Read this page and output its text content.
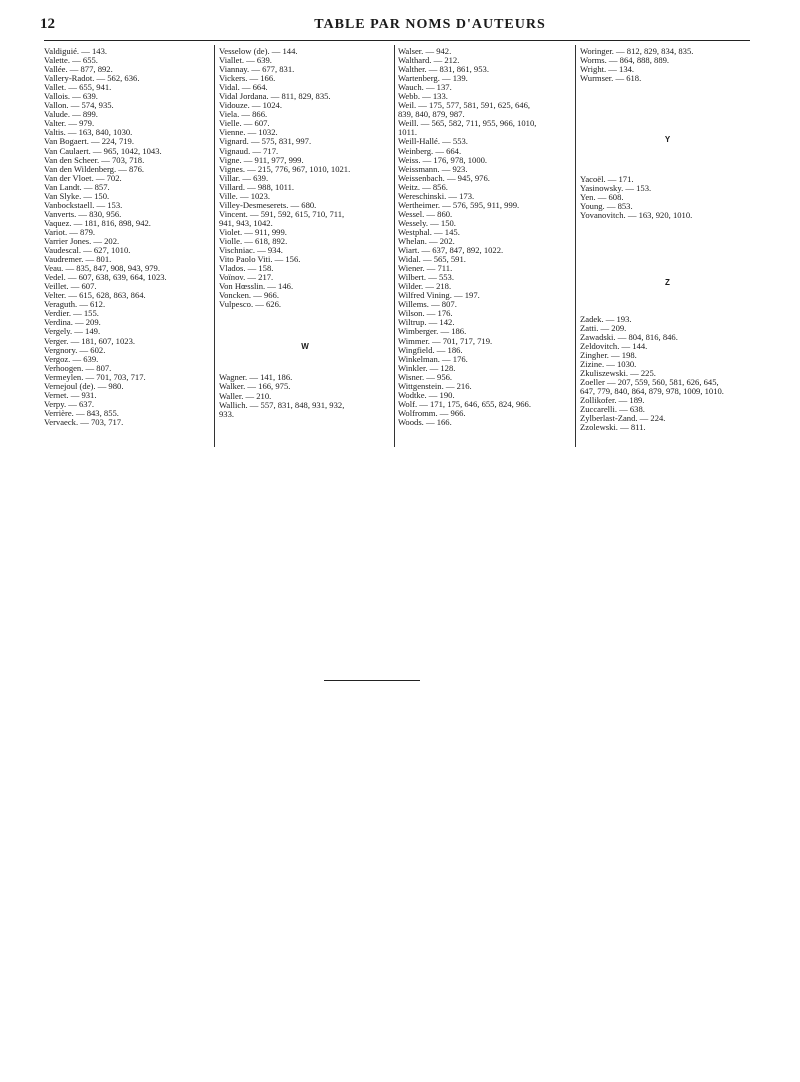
12	TABLE PAR NOMS D'AUTEURS
Valdiguié. — 143.
Valette. — 655.
Vallée. — 877, 892.
Vallery-Radot. — 562, 636.
Vallet. — 655, 941.
Vallois. — 639.
Vallon. — 574, 935.
Valude. — 899.
Valter. — 979.
Valtis. — 163, 840, 1030.
Van Bogaert. — 224, 719.
Van Caulaert. — 965, 1042, 1043.
Van den Scheer. — 703, 718.
Van den Wildenberg. — 876.
Van der Vloet. — 702.
Van Landt. — 857.
Van Slyke. — 150.
Vanbockstaell. — 153.
Vanverts. — 830, 956.
Vaquez. — 181, 816, 898, 942.
Variot. — 879.
Varrier Jones. — 202.
Vaudescal. — 627, 1010.
Vaudremer. — 801.
Veau. — 835, 847, 908, 943, 979.
Vedel. — 607, 638, 639, 664, 1023.
Veillet. — 607.
Velter. — 615, 628, 863, 864.
Veraguth. — 612.
Verdier. — 155.
Verdina. — 209.
Vergely. — 149.
Verger. — 181, 607, 1023.
Vergnory. — 602.
Vergoz. — 639.
Verhoogen. — 807.
Vermeylen. — 701, 703, 717.
Vernejoul (de). — 980.
Vernet. — 931.
Verpy. — 637.
Verrière. — 843, 855.
Vervaeck. — 703, 717.
Vesselow (de). — 144.
Viallet. — 639.
Viannay. — 677, 831.
Vickers. — 166.
Vidal. — 664.
Vidal Jordana. — 811, 829, 835.
Vidouze. — 1024.
Viela. — 866.
Vielle. — 607.
Vienne. — 1032.
Vignard. — 575, 831, 997.
Vignaud. — 717.
Vigne. — 911, 977, 999.
Vignes. — 215, 776, 967, 1010, 1021.
Villar. — 639.
Villard. — 988, 1011.
Ville. — 1023.
Villey-Desmeserets. — 680.
Vincent. — 591, 592, 615, 710, 711,
941, 943, 1042.
Violet. — 911, 999.
Violle. — 618, 892.
Vischniac. — 934.
Vito Paolo Viti. — 156.
Vlados. — 158.
Voïnov. — 217.
Von Hœsslin. — 146.
Voncken. — 966.
Vulpesco. — 626.
W
Wagner. — 141, 186.
Walker. — 166, 975.
Waller. — 210.
Wallich. — 557, 831, 848, 931, 932,
933.
Walser. — 942.
Walthard. — 212.
Walther. — 831, 861, 953.
Wartenberg. — 139.
Wauch. — 137.
Webb. — 133.
Weil. — 175, 577, 581, 591, 625, 646,
839, 840, 879, 987.
Weill. — 565, 582, 711, 955, 966, 1010,
1011.
Weill-Hallé. — 553.
Weinberg. — 664.
Weiss. — 176, 978, 1000.
Weissmann. — 923.
Weissenbach. — 945, 976.
Weitz. — 856.
Wereschinski. — 173.
Wertheimer. — 576, 595, 911, 999.
Wessel. — 860.
Wessely. — 150.
Westphal. — 145.
Whelan. — 202.
Wiart. — 637, 847, 892, 1022.
Widal. — 565, 591.
Wiener. — 711.
Wilbert. — 553.
Wilder. — 218.
Wilfred Vining. — 197.
Willems. — 807.
Wilson. — 176.
Wiltrup. — 142.
Wimberger. — 186.
Wimmer. — 701, 717, 719.
Wingfield. — 186.
Winkelman. — 176.
Winkler. — 128.
Wisner. — 956.
Wittgenstein. — 216.
Wodtke. — 190.
Wolf. — 171, 175, 646, 655, 824, 966.
Wolfromm. — 966.
Woods. — 166.
Woringer. — 812, 829, 834, 835.
Worms. — 864, 888, 889.
Wright. — 134.
Wurmser. — 618.
Y
Yacoël. — 171.
Yasinowsky. — 153.
Yen. — 608.
Young. — 853.
Yovanovitch. — 163, 920, 1010.
Z
Zadek. — 193.
Zatti. — 209.
Zawadski. — 804, 816, 846.
Zeldovitch. — 144.
Zingher. — 198.
Zizine. — 1030.
Zkuliszewski. — 225.
Zoeller — 207, 559, 560, 581, 626, 645,
647, 779, 840, 864, 879, 978, 1009, 1010.
Zollikofer. — 189.
Zuccarelli. — 638.
Zylberlast-Zand. — 224.
Zzolewski. — 811.
